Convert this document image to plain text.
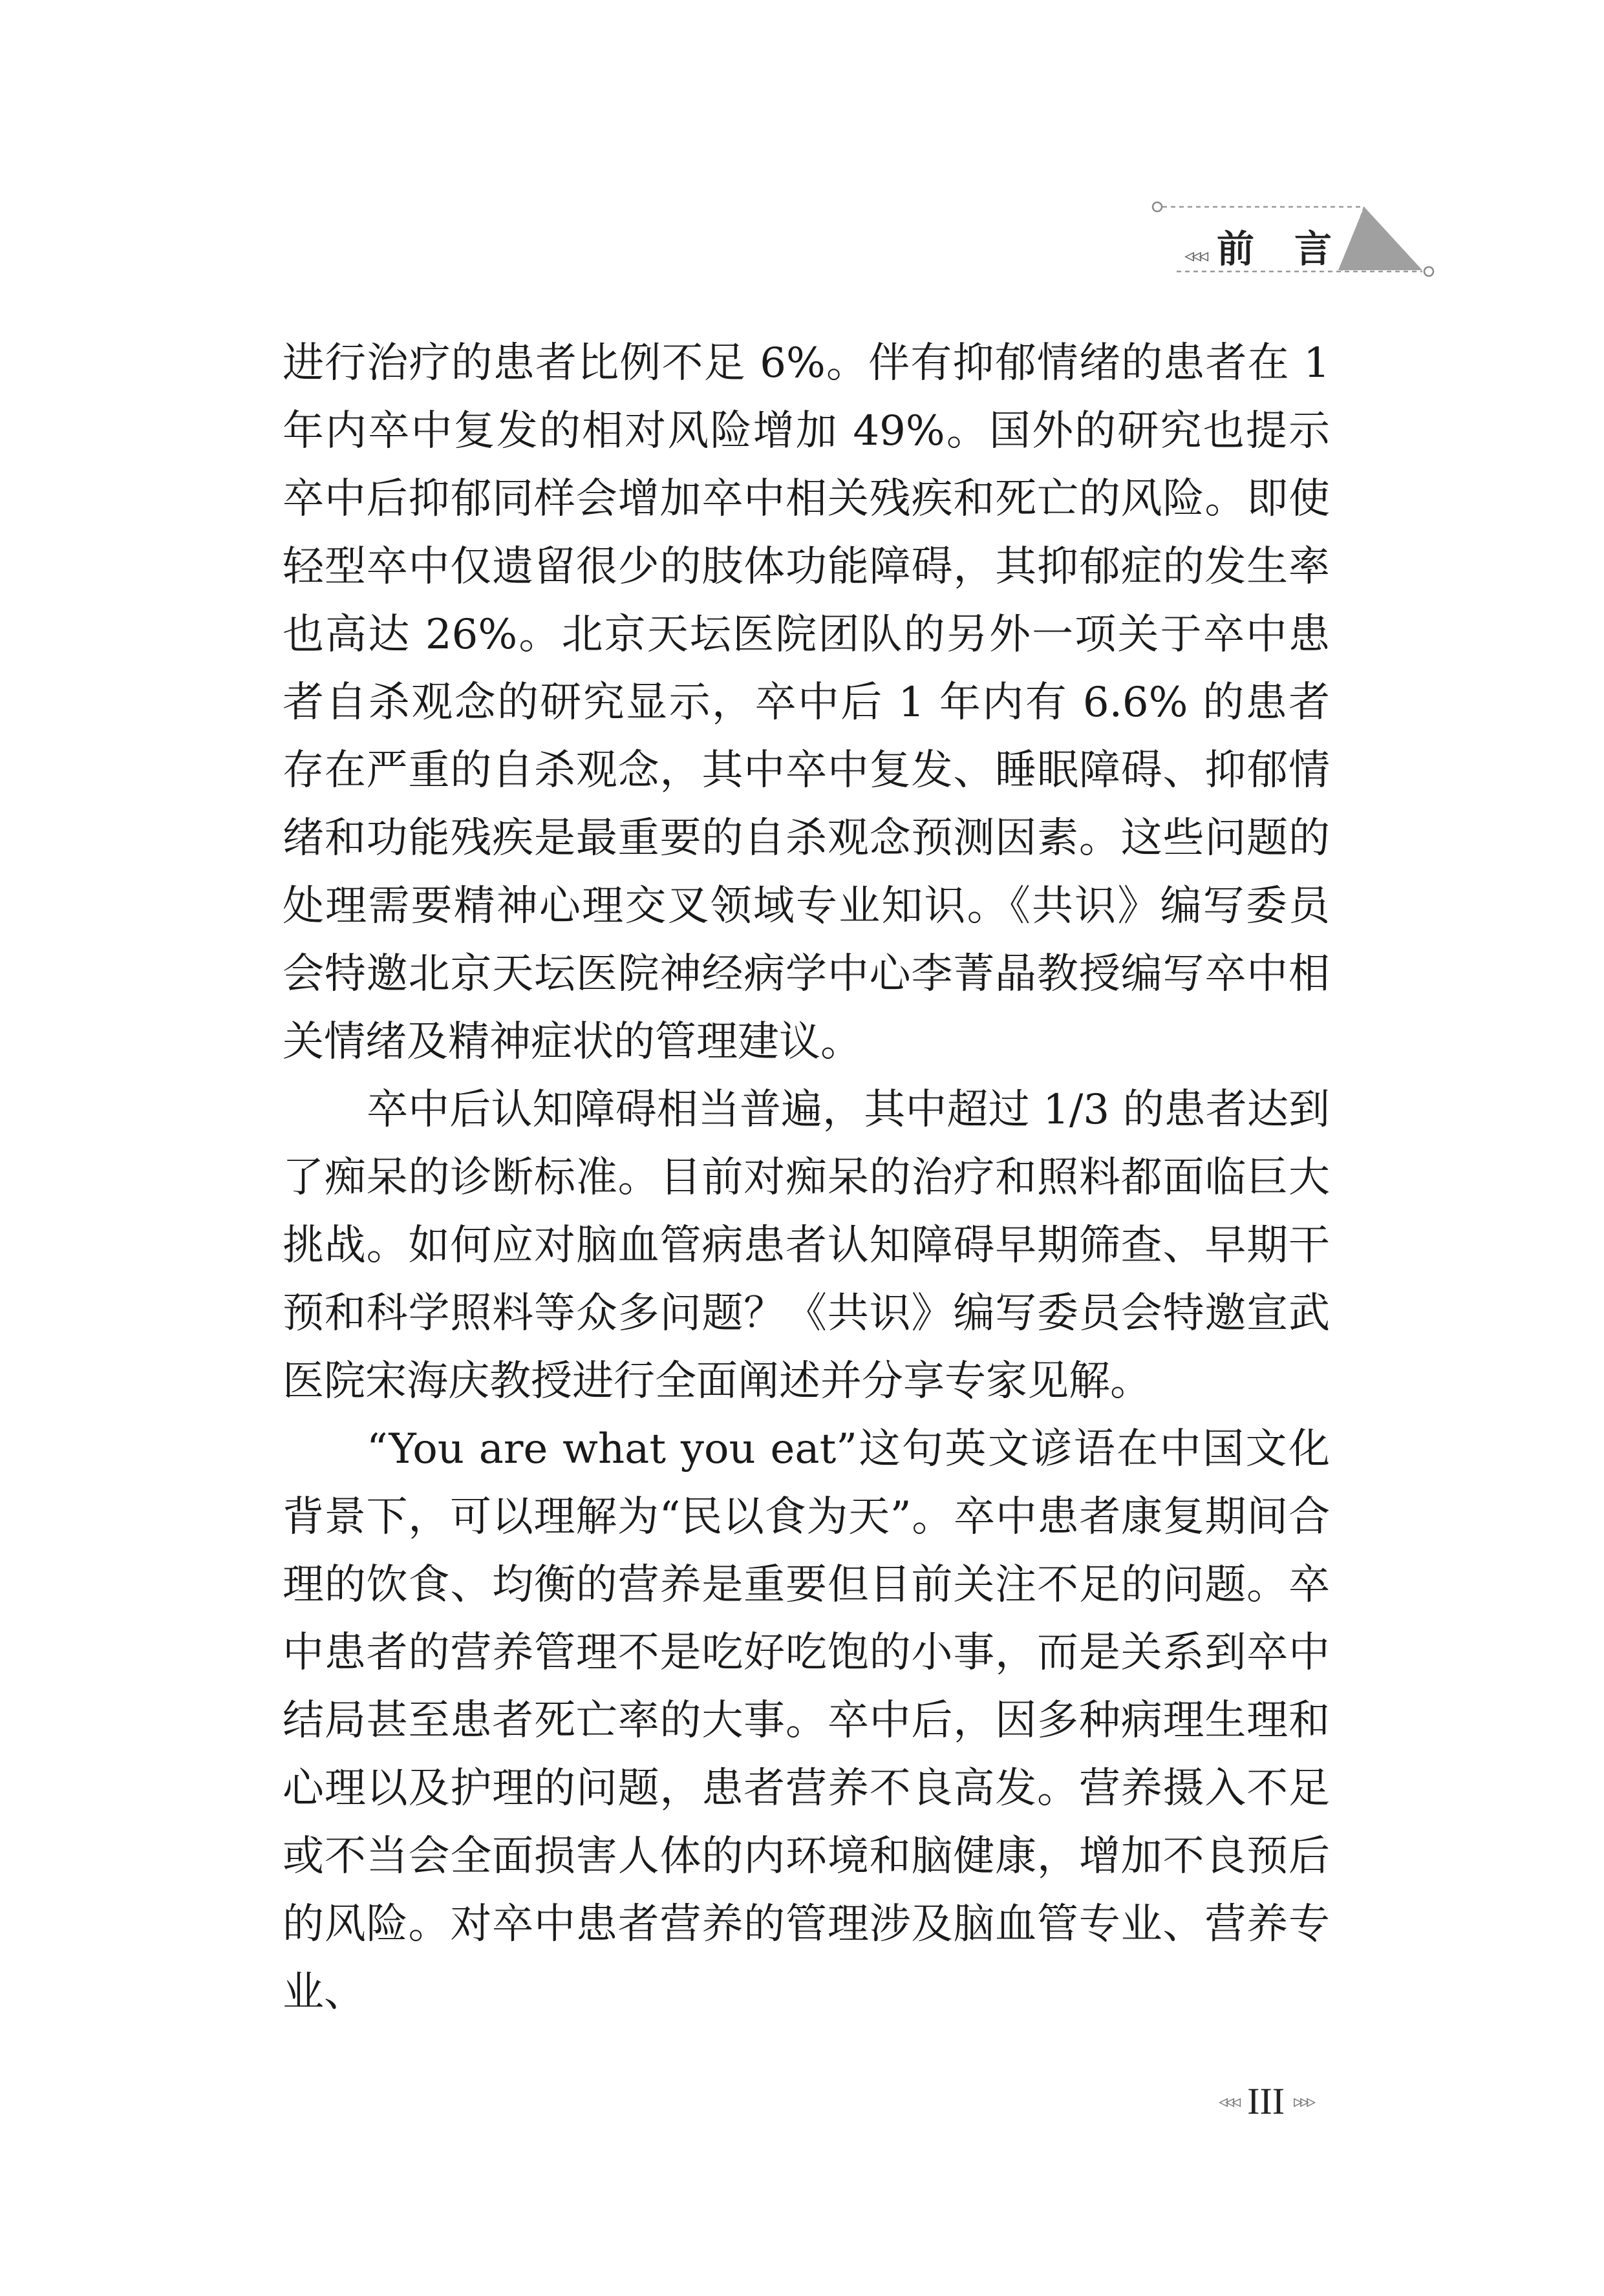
◃◃◃ 前言

进行治疗的患者比例不足 6%。伴有抑郁情绪的患者在 1 年内卒中复发的相对风险增加 49%。国外的研究也提示卒中后抑郁同样会增加卒中相关残疾和死亡的风险。即使轻型卒中仅遗留很少的肢体功能障碍，其抑郁症的发生率也高达 26%。北京天坛医院团队的另外一项关于卒中患者自杀观念的研究显示，卒中后 1 年内有 6.6% 的患者存在严重的自杀观念，其中卒中复发、睡眠障碍、抑郁情绪和功能残疾是最重要的自杀观念预测因素。这些问题的处理需要精神心理交叉领域专业知识。《共识》编写委员会特邀北京天坛医院神经病学中心李菁晶教授编写卒中相关情绪及精神症状的管理建议。

卒中后认知障碍相当普遍，其中超过 1/3 的患者达到了痴呆的诊断标准。目前对痴呆的治疗和照料都面临巨大挑战。如何应对脑血管病患者认知障碍早期筛查、早期干预和科学照料等众多问题？《共识》编写委员会特邀宣武医院宋海庆教授进行全面阐述并分享专家见解。

“You are what you eat”这句英文谚语在中国文化背景下，可以理解为“民以食为天”。卒中患者康复期间合理的饮食、均衡的营养是重要但目前关注不足的问题。卒中患者的营养管理不是吃好吃饱的小事，而是关系到卒中结局甚至患者死亡率的大事。卒中后，因多种病理生理和心理以及护理的问题，患者营养不良高发。营养摄入不足或不当会全面损害人体的内环境和脑健康，增加不良预后的风险。对卒中患者营养的管理涉及脑血管专业、营养专业、

◃◃◃ III ▹▹▹
